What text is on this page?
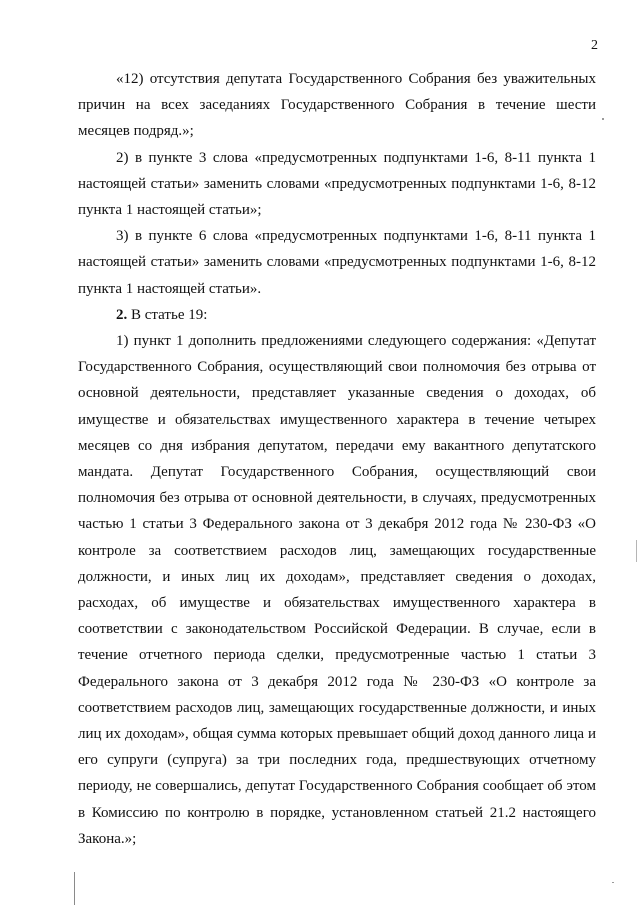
2

«12) отсутствия депутата Государственного Собрания без уважительных причин на всех заседаниях Государственного Собрания в течение шести месяцев подряд.»;

2) в пункте 3 слова «предусмотренных подпунктами 1-6, 8-11 пункта 1 настоящей статьи» заменить словами «предусмотренных подпунктами 1-6, 8-12 пункта 1 настоящей статьи»;

3) в пункте 6 слова «предусмотренных подпунктами 1-6, 8-11 пункта 1 настоящей статьи» заменить словами «предусмотренных подпунктами 1-6, 8-12 пункта 1 настоящей статьи».

2. В статье 19:

1) пункт 1 дополнить предложениями следующего содержания: «Депутат Государственного Собрания, осуществляющий свои полномочия без отрыва от основной деятельности, представляет указанные сведения о доходах, об имуществе и обязательствах имущественного характера в течение четырех месяцев со дня избрания депутатом, передачи ему вакантного депутатского мандата. Депутат Государственного Собрания, осуществляющий свои полномочия без отрыва от основной деятельности, в случаях, предусмотренных частью 1 статьи 3 Федерального закона от 3 декабря 2012 года № 230-ФЗ «О контроле за соответствием расходов лиц, замещающих государственные должности, и иных лиц их доходам», представляет сведения о доходах, расходах, об имуществе и обязательствах имущественного характера в соответствии с законодательством Российской Федерации. В случае, если в течение отчетного периода сделки, предусмотренные частью 1 статьи 3 Федерального закона от 3 декабря 2012 года № 230-ФЗ «О контроле за соответствием расходов лиц, замещающих государственные должности, и иных лиц их доходам», общая сумма которых превышает общий доход данного лица и его супруги (супруга) за три последних года, предшествующих отчетному периоду, не совершались, депутат Государственного Собрания сообщает об этом в Комиссию по контролю в порядке, установленном статьей 21.2 настоящего Закона.»;
